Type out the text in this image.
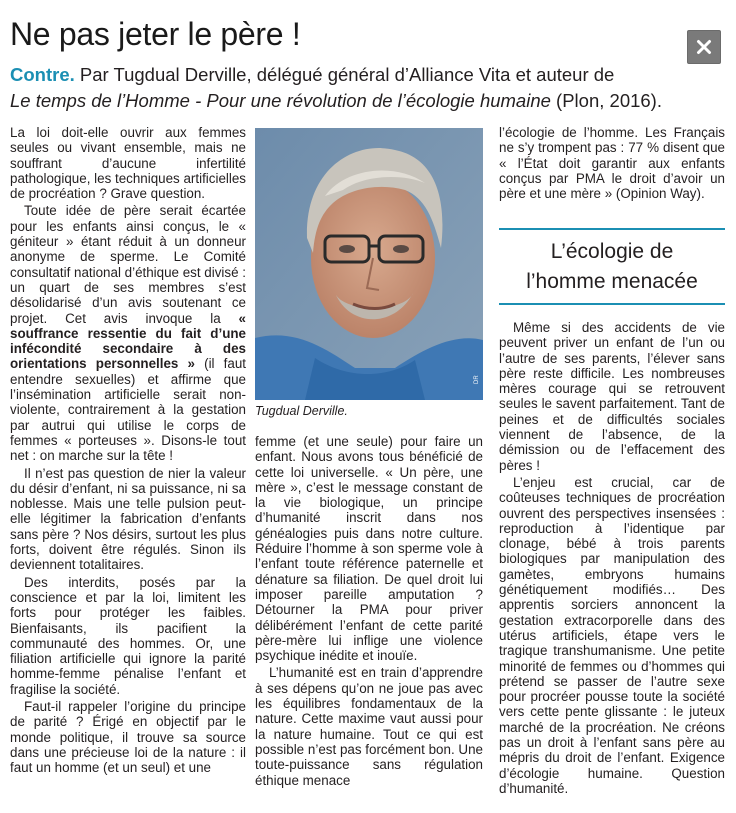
Ne pas jeter le père !
Contre. Par Tugdual Derville, délégué général d’Alliance Vita et auteur de
Le temps de l’Homme - Pour une révolution de l’écologie humaine (Plon, 2016).

La loi doit-elle ouvrir aux femmes seules ou vivant ensemble, mais ne souffrant d’aucune infertilité pathologique, les techniques artificielles de procréation ? Grave question.

Toute idée de père serait écartée pour les enfants ainsi conçus, le « géniteur » étant réduit à un donneur anonyme de sperme. Le Comité consultatif national d’éthique est divisé : un quart de ses membres s’est désolidarisé d’un avis soutenant ce projet. Cet avis invoque la « souffrance ressentie du fait d’une infécondité secondaire à des orientations personnelles » (il faut entendre sexuelles) et affirme que l’insémination artificielle serait non-violente, contrairement à la gestation par autrui qui utilise le corps de femmes « porteuses ». Disons-le tout net : on marche sur la tête !

Il n’est pas question de nier la valeur du désir d’enfant, ni sa puissance, ni sa noblesse. Mais une telle pulsion peut-elle légitimer la fabrication d’enfants sans père ? Nos désirs, surtout les plus forts, doivent être régulés. Sinon ils deviennent totalitaires.

Des interdits, posés par la conscience et par la loi, limitent les forts pour protéger les faibles. Bienfaisants, ils pacifient la communauté des hommes. Or, une filiation artificielle qui ignore la parité homme-femme pénalise l’enfant et fragilise la société.

Faut-il rappeler l’origine du principe de parité ? Érigé en objectif par le monde politique, il trouve sa source dans une précieuse loi de la nature : il faut un homme (et un seul) et une

DR
Tugdual Derville.

femme (et une seule) pour faire un enfant. Nous avons tous bénéficié de cette loi universelle. « Un père, une mère », c’est le message constant de la vie biologique, un principe d’humanité inscrit dans nos généalogies puis dans notre culture. Réduire l’homme à son sperme vole à l’enfant toute référence paternelle et dénature sa filiation. De quel droit lui imposer pareille amputation ? Détourner la PMA pour priver délibérément l’enfant de cette parité père-mère lui inflige une violence psychique inédite et inouïe.

L’humanité est en train d’apprendre à ses dépens qu’on ne joue pas avec les équilibres fondamentaux de la nature. Cette maxime vaut aussi pour la nature humaine. Tout ce qui est possible n’est pas forcément bon. Une toute-puissance sans régulation éthique menace

l’écologie de l’homme. Les Français ne s’y trompent pas : 77 % disent que « l’État doit garantir aux enfants conçus par PMA le droit d’avoir un père et une mère » (Opinion Way).

L’écologie de
l’homme menacée

Même si des accidents de vie peuvent priver un enfant de l’un ou l’autre de ses parents, l’élever sans père reste difficile. Les nombreuses mères courage qui se retrouvent seules le savent parfaitement. Tant de peines et de difficultés sociales viennent de l’absence, de la démission ou de l’effacement des pères !

L’enjeu est crucial, car de coûteuses techniques de procréation ouvrent des perspectives insensées : reproduction à l’identique par clonage, bébé à trois parents biologiques par manipulation des gamètes, embryons humains génétiquement modifiés… Des apprentis sorciers annoncent la gestation extracorporelle dans des utérus artificiels, étape vers le tragique transhumanisme. Une petite minorité de femmes ou d’hommes qui prétend se passer de l’autre sexe pour procréer pousse toute la société vers cette pente glissante : le juteux marché de la procréation. Ne créons pas un droit à l’enfant sans père au mépris du droit de l’enfant. Exigence d’écologie humaine. Question d’humanité.
